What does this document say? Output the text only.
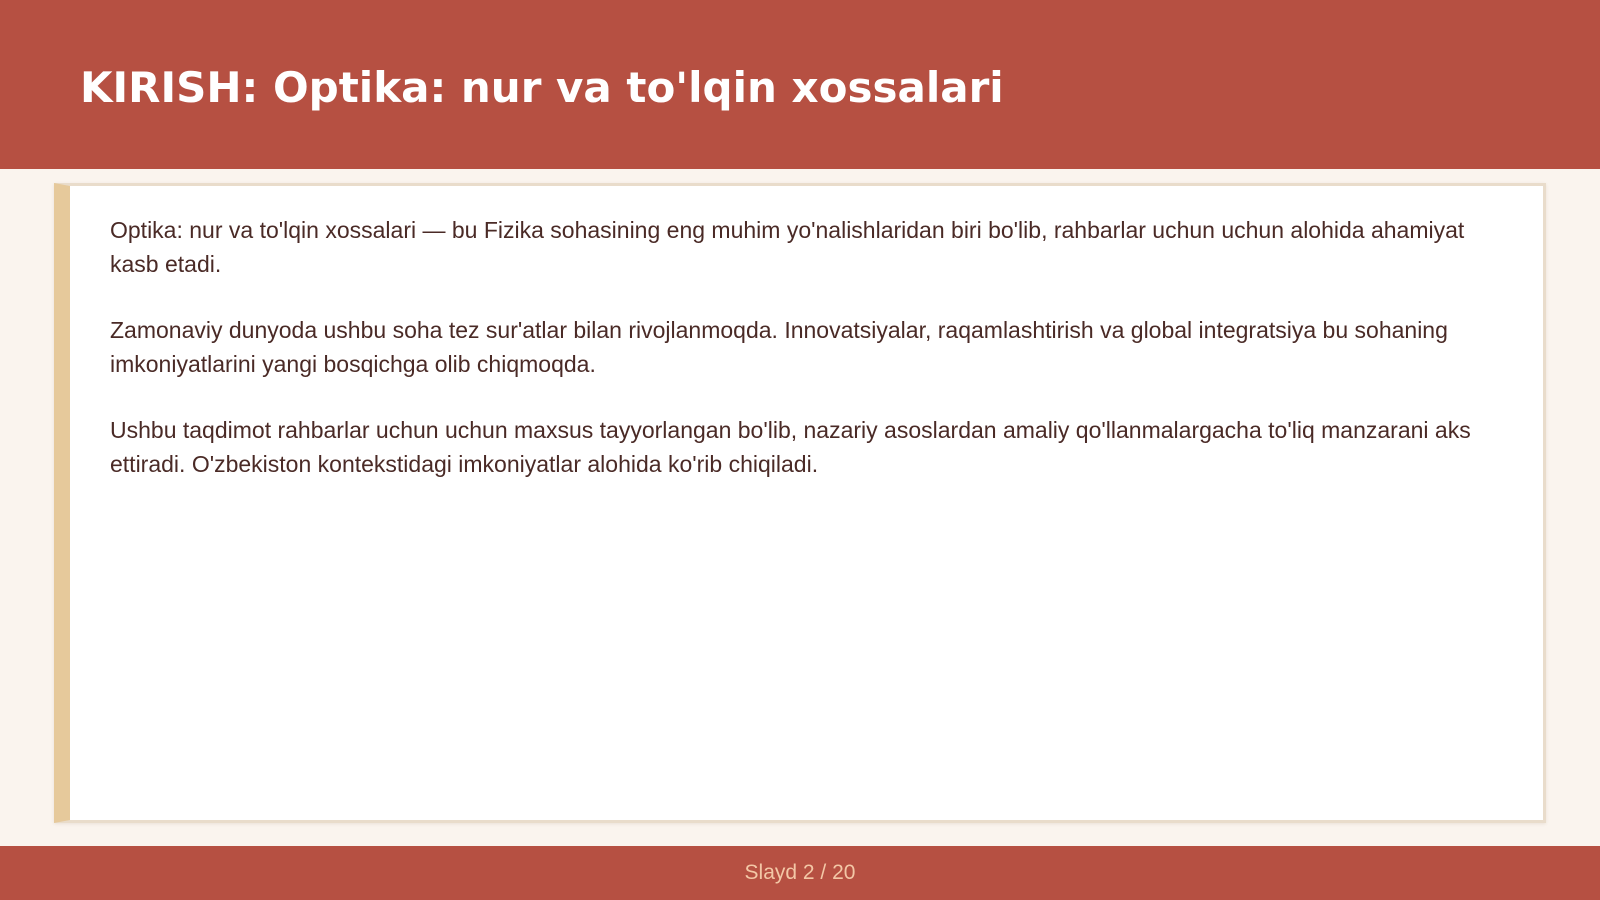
KIRISH: Optika: nur va to'lqin xossalari

Optika: nur va to'lqin xossalari — bu Fizika sohasining eng muhim yo'nalishlaridan biri bo'lib, rahbarlar uchun uchun alohida ahamiyat kasb etadi.

Zamonaviy dunyoda ushbu soha tez sur'atlar bilan rivojlanmoqda. Innovatsiyalar, raqamlashtirish va global integratsiya bu sohaning imkoniyatlarini yangi bosqichga olib chiqmoqda.

Ushbu taqdimot rahbarlar uchun uchun maxsus tayyorlangan bo'lib, nazariy asoslardan amaliy qo'llanmalargacha to'liq manzarani aks ettiradi. O'zbekiston kontekstidagi imkoniyatlar alohida ko'rib chiqiladi.

Slayd 2 / 20
